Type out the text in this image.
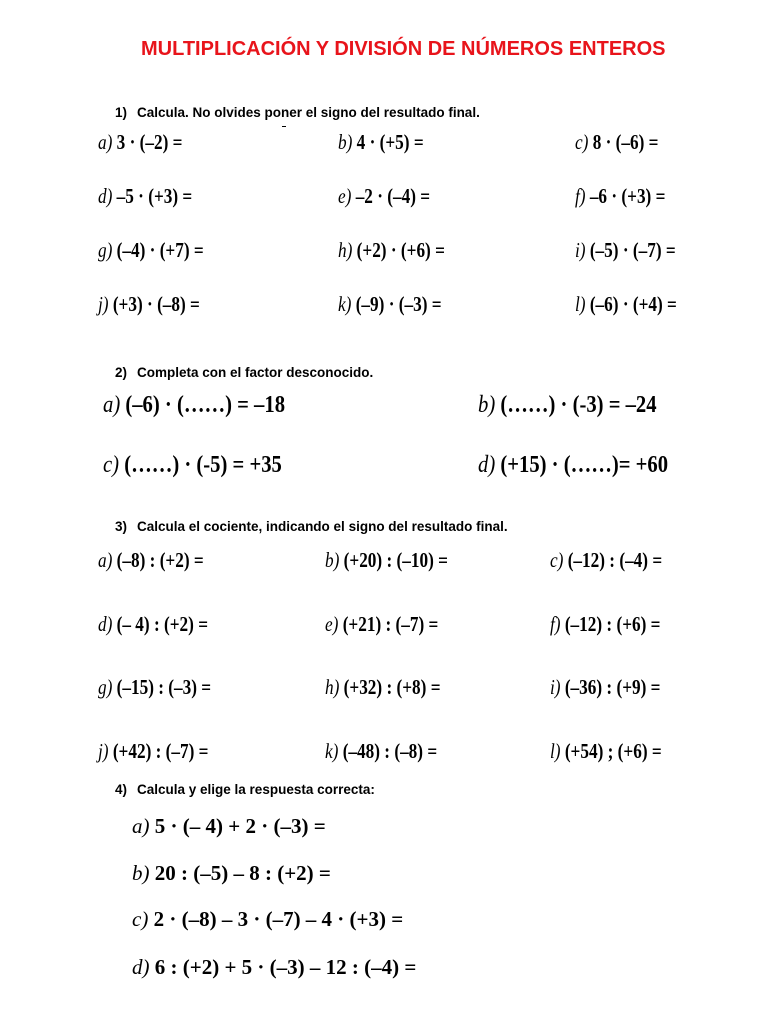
MULTIPLICACIÓN Y DIVISIÓN DE NÚMEROS ENTEROS
1) Calcula. No olvides poner el signo del resultado final.
a) 3 · (–2) =	b) 4 · (+5) =	c) 8 · (–6) =
d) –5 · (+3) =	e) –2 · (–4) =	f) –6 · (+3) =
g) (–4) · (+7) =	h) (+2) · (+6) =	i) (–5) · (–7) =
j) (+3) · (–8) =	k) (–9) · (–3) =	l) (–6) · (+4) =
2) Completa con el factor desconocido.
a) (–6) · (……) = –18	b) (……) · (-3) = –24
c) (……) · (-5) = +35	d) (+15) · (……)= +60
3) Calcula el cociente, indicando el signo del resultado final.
a) (–8) : (+2) =	b) (+20) : (–10) =	c) (–12) : (–4) =
d) (– 4) : (+2) =	e) (+21) : (–7) =	f) (–12) : (+6) =
g) (–15) : (–3) =	h) (+32) : (+8) =	i) (–36) : (+9) =
j) (+42) : (–7) =	k) (–48) : (–8) =	l) (+54) ; (+6) =
4) Calcula y elige la respuesta correcta:
a) 5 · (– 4) + 2 · (–3) =
b) 20 : (–5) – 8 : (+2) =
c) 2 · (–8) – 3 · (–7) – 4 · (+3) =
d) 6 : (+2) + 5 · (–3) – 12 : (–4) =
